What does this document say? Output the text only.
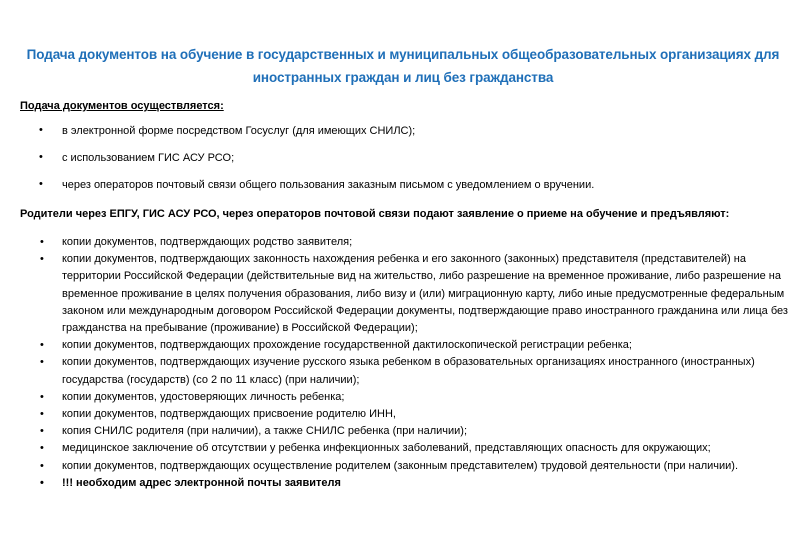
Подача документов на обучение в государственных и муниципальных общеобразовательных организациях для
иностранных граждан и лиц без гражданства
Подача документов осуществляется:
• в электронной форме посредством Госуслуг (для имеющих СНИЛС);
• с использованием ГИС АСУ РСО;
• через операторов почтовый связи общего пользования заказным письмом с уведомлением о вручении.
Родители через ЕПГУ, ГИС АСУ РСО, через операторов почтовой связи подают заявление о приеме на обучение и предъявляют:
• копии документов, подтверждающих родство заявителя;
• копии документов, подтверждающих законность нахождения ребенка и его законного (законных) представителя (представителей) на территории Российской Федерации (действительные вид на жительство, либо разрешение на временное проживание, либо разрешение на временное проживание в целях получения образования, либо визу и (или) миграционную карту, либо иные предусмотренные федеральным законом или международным договором Российской Федерации документы, подтверждающие право иностранного гражданина или лица без гражданства на пребывание (проживание) в Российской Федерации);
• копии документов, подтверждающих прохождение государственной дактилоскопической регистрации ребенка;
• копии документов, подтверждающих изучение русского языка ребенком в образовательных организациях иностранного (иностранных) государства (государств) (со 2 по 11 класс) (при наличии);
• копии документов, удостоверяющих личность ребенка;
• копии документов, подтверждающих присвоение родителю ИНН,
• копия СНИЛС родителя (при наличии), а также СНИЛС ребенка (при наличии);
• медицинское заключение об отсутствии у ребенка инфекционных заболеваний, представляющих опасность для окружающих;
• копии документов, подтверждающих осуществление родителем (законным представителем) трудовой деятельности (при наличии).
• !!! необходим адрес электронной почты заявителя
